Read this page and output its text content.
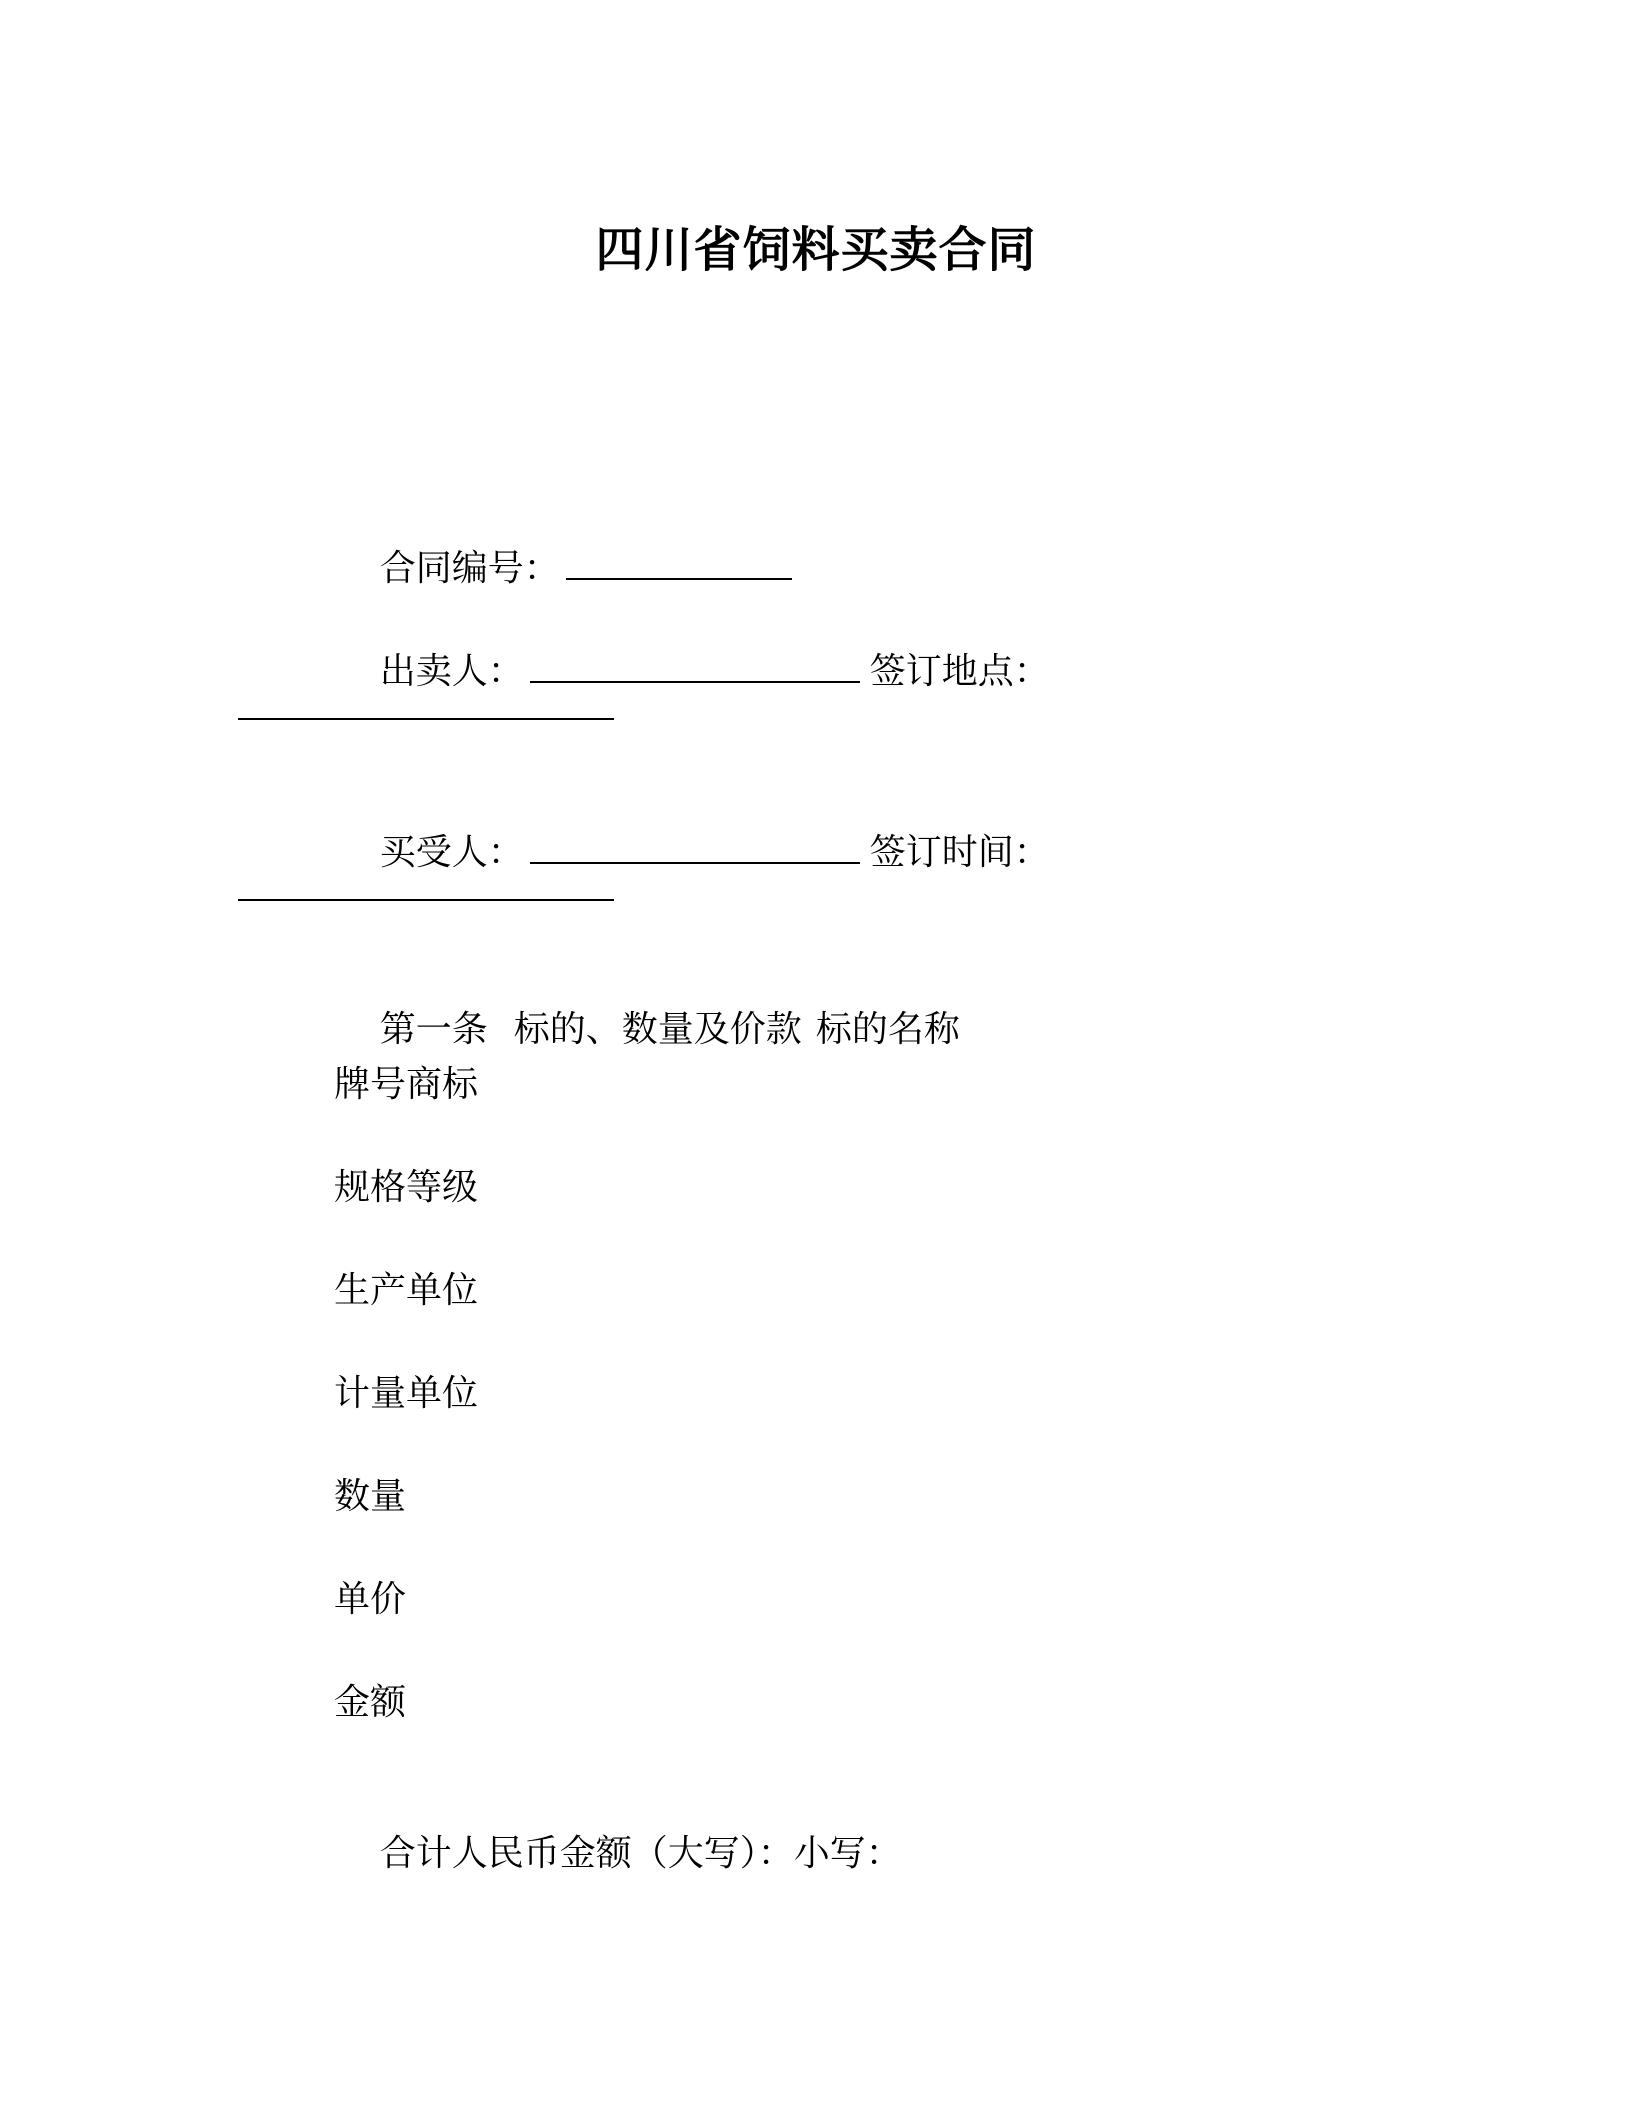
四川省饲料买卖合同

合同编号：

出卖人：	签订地点：

买受人：	签订时间：

第一条 标的、数量及价款 标的名称

牌号商标
规格等级
生产单位
计量单位
数量
单价
金额

合计人民币金额（大写）：小写：
